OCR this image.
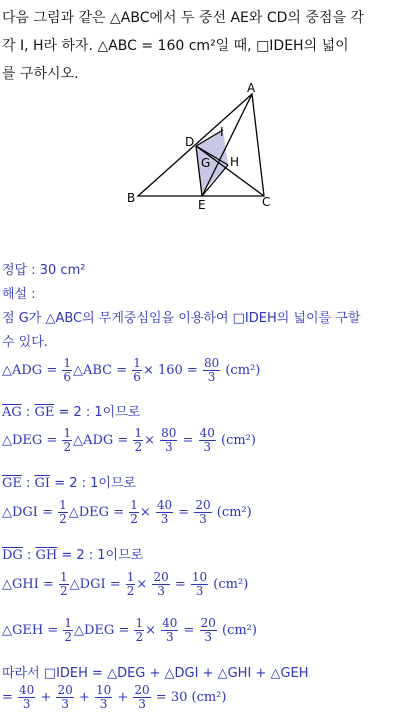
다음 그림과 같은 △ABC에서 두 중선 AE와 CD의 중점을 각
각 I, H라 하자. △ABC = 160 cm²일 때, □IDEH의 넓이
를 구하시오.
A
B	C
D
E
G H
I
정답 : 30 cm²
해설 :
점 G가 △ABC의 무게중심임을 이용하여 □IDEH의 넓이를 구할
수 있다.
△ADG = $\frac{1}{6}$ △ABC = $\frac{1}{6} \times 160 = \frac{80}{3} (cm^2)$
$\overline{AG}$ : $\overline{GE} = 2$ : 1이므로
△DEG = $\frac{1}{2}$ △ADG = $\frac{1}{2} \times \frac{80}{3} = \frac{40}{3} (cm^2)$
$\overline{GE}$ : $\overline{GI} = 2$ : 1이므로
△DGI = $\frac{1}{2}$ △DEG = $\frac{1}{2} \times \frac{40}{3} = \frac{20}{3} (cm^2)$
$\overline{DG}$ : $\overline{GH} = 2$ : 1이므로
△GHI = $\frac{1}{2}$ △DGI = $\frac{1}{2} \times \frac{20}{3} = \frac{10}{3} (cm^2)$
△GEH = $\frac{1}{2}$ △DEG = $\frac{1}{2} \times \frac{40}{3} = \frac{20}{3} (cm^2)$
따라서 □IDEH = △DEG + △DGI + △GHI + △GEH
= $\frac{40}{3} + \frac{20}{3} + \frac{10}{3} + \frac{20}{3} = 30$ (cm²)
